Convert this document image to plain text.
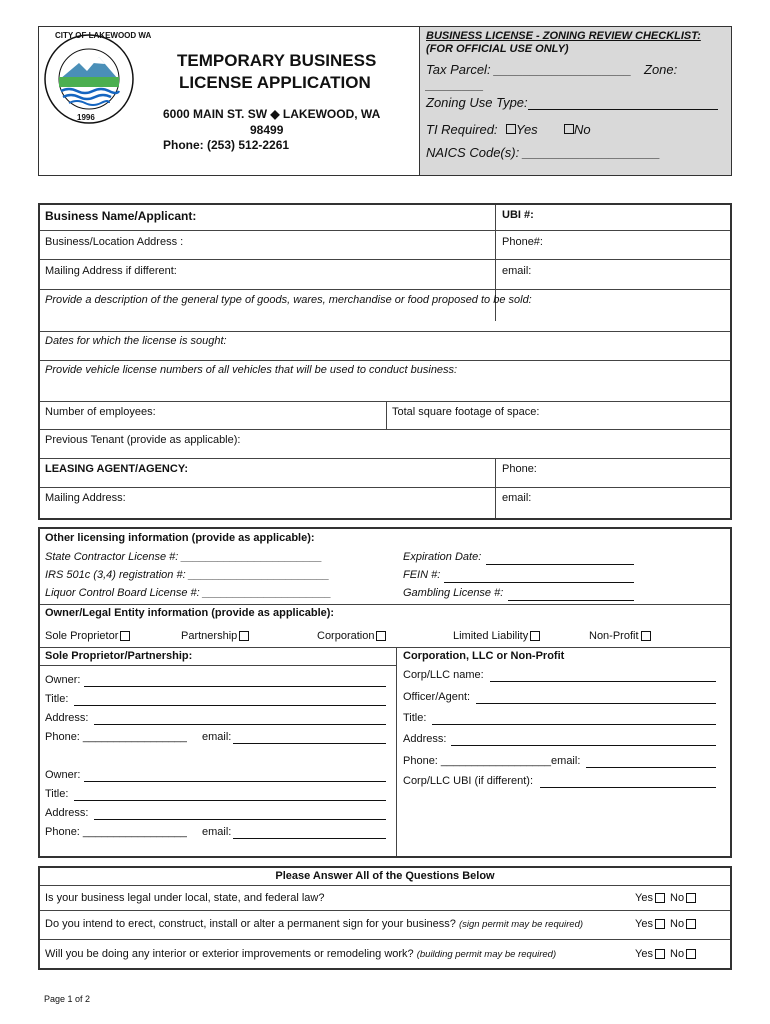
CITY OF LAKEWOOD WA
1996
TEMPORARY BUSINESS
LICENSE APPLICATION
6000 MAIN ST. SW ◆ LAKEWOOD, WA
98499
Phone: (253) 512-2261
BUSINESS LICENSE - ZONING REVIEW CHECKLIST:
(FOR OFFICIAL USE ONLY)
Tax Parcel: ___________________ Zone:
________
Zoning Use Type:
TI Required: Yes	No
NAICS Code(s): ___________________
Business Name/Applicant:	UBI #:
Business/Location Address :	Phone#:
Mailing Address if different:	email:
Provide a description of the general type of goods, wares, merchandise or food proposed to be sold:
Dates for which the license is sought:
Provide vehicle license numbers of all vehicles that will be used to conduct business:
Number of employees:	Total square footage of space:
Previous Tenant (provide as applicable):
LEASING AGENT/AGENCY:	Phone:
Mailing Address:	email:
Other licensing information (provide as applicable):
State Contractor License #: _______________________
IRS 501c (3,4) registration #: _______________________
Liquor Control Board License #: _____________________
Expiration Date:
FEIN #:
Gambling License #:
Owner/Legal Entity information (provide as applicable):
Sole Proprietor	Partnership	Corporation	Limited Liability	Non-Profit
Sole Proprietor/Partnership:	Corporation, LLC or Non-Profit
Owner:
Title:
Address:
Phone: _________________ email:
Owner:
Title:
Address:
Phone: _________________ email:
Corp/LLC name:
Officer/Agent:
Title:
Address:
Phone: __________________email:
Corp/LLC UBI (if different):
Please Answer All of the Questions Below
Is your business legal under local, state, and federal law?	Yes No
Do you intend to erect, construct, install or alter a permanent sign for your business? (sign permit may be required)	Yes No
Will you be doing any interior or exterior improvements or remodeling work? (building permit may be required)	Yes No
Page 1 of 2
